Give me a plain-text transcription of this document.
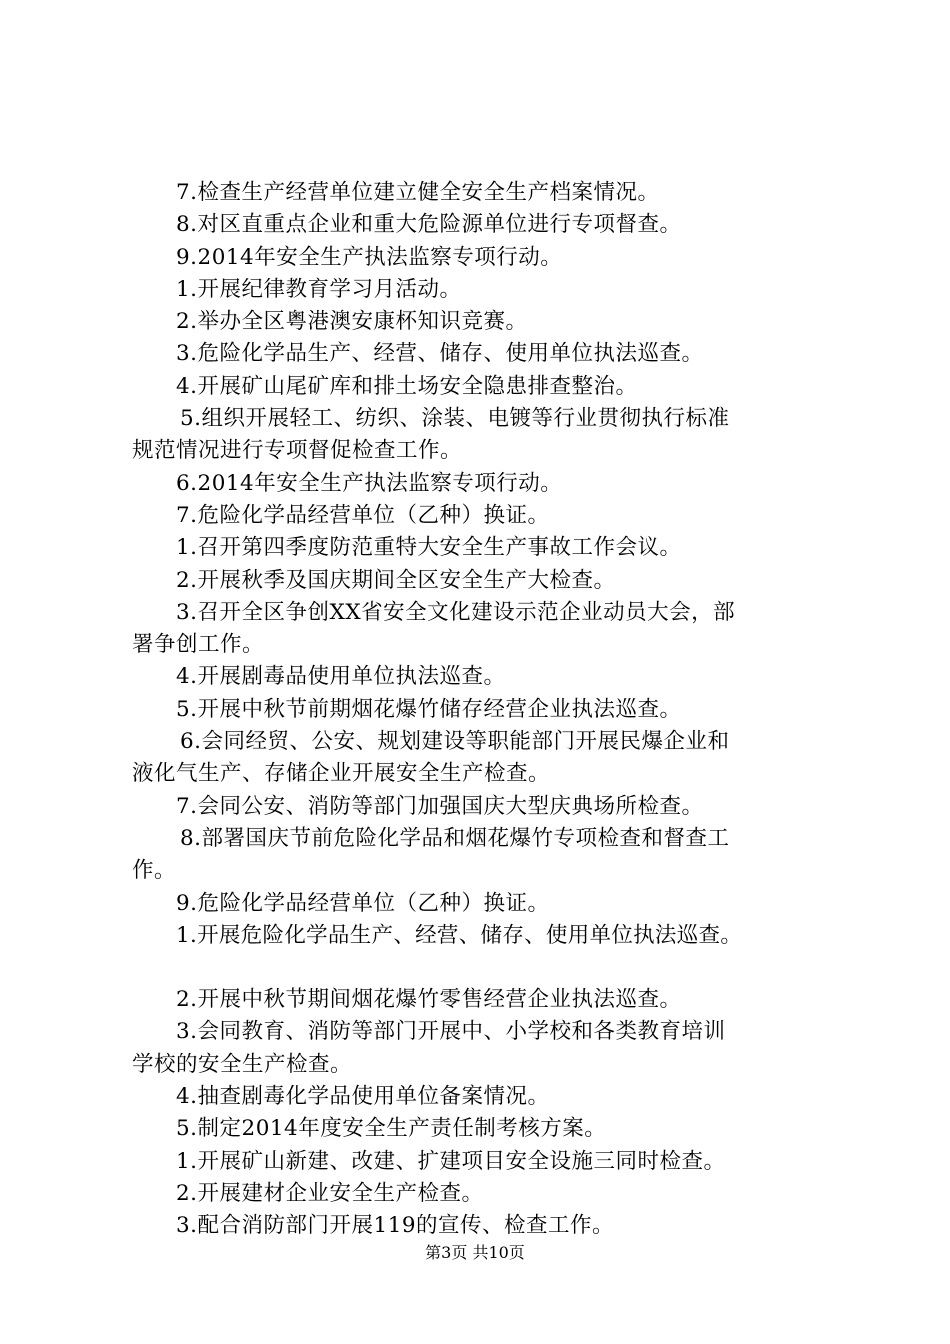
7.检查生产经营单位建立健全安全生产档案情况。
8.对区直重点企业和重大危险源单位进行专项督查。
9.2014年安全生产执法监察专项行动。
1.开展纪律教育学习月活动。
2.举办全区粤港澳安康杯知识竞赛。
3.危险化学品生产、经营、储存、使用单位执法巡查。
4.开展矿山尾矿库和排土场安全隐患排查整治。
5.组织开展轻工、纺织、涂装、电镀等行业贯彻执行标准
规范情况进行专项督促检查工作。
6.2014年安全生产执法监察专项行动。
7.危险化学品经营单位（乙种）换证。
1.召开第四季度防范重特大安全生产事故工作会议。
2.开展秋季及国庆期间全区安全生产大检查。
3.召开全区争创XX省安全文化建设示范企业动员大会，部
署争创工作。
4.开展剧毒品使用单位执法巡查。
5.开展中秋节前期烟花爆竹储存经营企业执法巡查。
6.会同经贸、公安、规划建设等职能部门开展民爆企业和
液化气生产、存储企业开展安全生产检查。
7.会同公安、消防等部门加强国庆大型庆典场所检查。
8.部署国庆节前危险化学品和烟花爆竹专项检查和督查工
作。
9.危险化学品经营单位（乙种）换证。
1.开展危险化学品生产、经营、储存、使用单位执法巡查。
2.开展中秋节期间烟花爆竹零售经营企业执法巡查。
3.会同教育、消防等部门开展中、小学校和各类教育培训
学校的安全生产检查。
4.抽查剧毒化学品使用单位备案情况。
5.制定2014年度安全生产责任制考核方案。
1.开展矿山新建、改建、扩建项目安全设施三同时检查。
2.开展建材企业安全生产检查。
3.配合消防部门开展119的宣传、检查工作。
第3页 共10页
